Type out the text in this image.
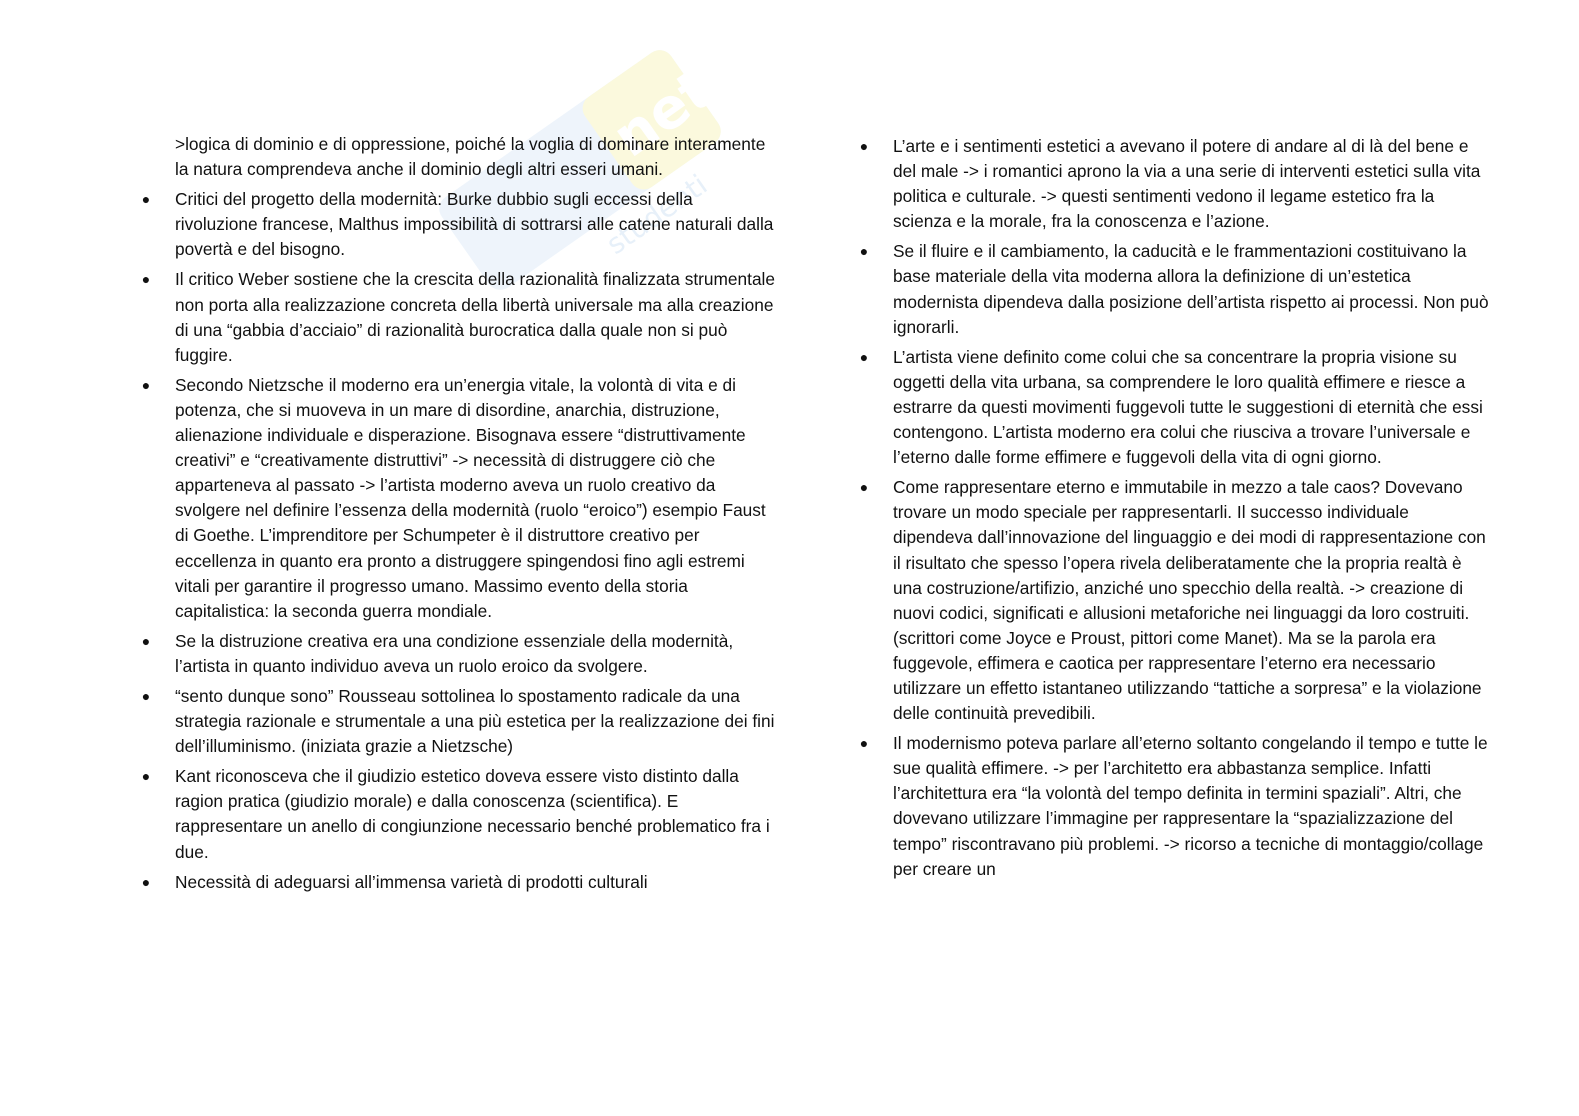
net
studenti
>logica di dominio e di oppressione, poiché la voglia di dominare interamente la natura comprendeva anche il dominio degli altri esseri umani.
● Critici del progetto della modernità: Burke dubbio sugli eccessi della rivoluzione francese, Malthus impossibilità di sottrarsi alle catene naturali dalla povertà e del bisogno.
● Il critico Weber sostiene che la crescita della razionalità finalizzata strumentale non porta alla realizzazione concreta della libertà universale ma alla creazione di una “gabbia d’acciaio” di razionalità burocratica dalla quale non si può fuggire.
● Secondo Nietzsche il moderno era un’energia vitale, la volontà di vita e di potenza, che si muoveva in un mare di disordine, anarchia, distruzione, alienazione individuale e disperazione. Bisognava essere “distruttivamente creativi” e “creativamente distruttivi” -> necessità di distruggere ciò che apparteneva al passato -> l’artista moderno aveva un ruolo creativo da svolgere nel definire l’essenza della modernità (ruolo “eroico”) esempio Faust di Goethe. L’imprenditore per Schumpeter è il distruttore creativo per eccellenza in quanto era pronto a distruggere spingendosi fino agli estremi vitali per garantire il progresso umano. Massimo evento della storia capitalistica: la seconda guerra mondiale.
● Se la distruzione creativa era una condizione essenziale della modernità, l’artista in quanto individuo aveva un ruolo eroico da svolgere.
● “sento dunque sono” Rousseau sottolinea lo spostamento radicale da una strategia razionale e strumentale a una più estetica per la realizzazione dei fini dell’illuminismo. (iniziata grazie a Nietzsche)
● Kant riconosceva che il giudizio estetico doveva essere visto distinto dalla ragion pratica (giudizio morale) e dalla conoscenza (scientifica). E rappresentare un anello di congiunzione necessario benché problematico fra i due.
● Necessità di adeguarsi all’immensa varietà di prodotti culturali
● L’arte e i sentimenti estetici a avevano il potere di andare al di là del bene e del male -> i romantici aprono la via a una serie di interventi estetici sulla vita politica e culturale. -> questi sentimenti vedono il legame estetico fra la scienza e la morale, fra la conoscenza e l’azione.
● Se il fluire e il cambiamento, la caducità e le frammentazioni costituivano la base materiale della vita moderna allora la definizione di un’estetica modernista dipendeva dalla posizione dell’artista rispetto ai processi. Non può ignorarli.
● L’artista viene definito come colui che sa concentrare la propria visione su oggetti della vita urbana, sa comprendere le loro qualità effimere e riesce a estrarre da questi movimenti fuggevoli tutte le suggestioni di eternità che essi contengono. L’artista moderno era colui che riusciva a trovare l’universale e l’eterno dalle forme effimere e fuggevoli della vita di ogni giorno.
● Come rappresentare eterno e immutabile in mezzo a tale caos? Dovevano trovare un modo speciale per rappresentarli. Il successo individuale dipendeva dall’innovazione del linguaggio e dei modi di rappresentazione con il risultato che spesso l’opera rivela deliberatamente che la propria realtà è una costruzione/artifizio, anziché uno specchio della realtà. -> creazione di nuovi codici, significati e allusioni metaforiche nei linguaggi da loro costruiti. (scrittori come Joyce e Proust, pittori come Manet). Ma se la parola era fuggevole, effimera e caotica per rappresentare l’eterno era necessario utilizzare un effetto istantaneo utilizzando “tattiche a sorpresa” e la violazione delle continuità prevedibili.
● Il modernismo poteva parlare all’eterno soltanto congelando il tempo e tutte le sue qualità effimere. -> per l’architetto era abbastanza semplice. Infatti l’architettura era “la volontà del tempo definita in termini spaziali”. Altri, che dovevano utilizzare l’immagine per rappresentare la “spazializzazione del tempo” riscontravano più problemi. -> ricorso a tecniche di montaggio/collage per creare un
